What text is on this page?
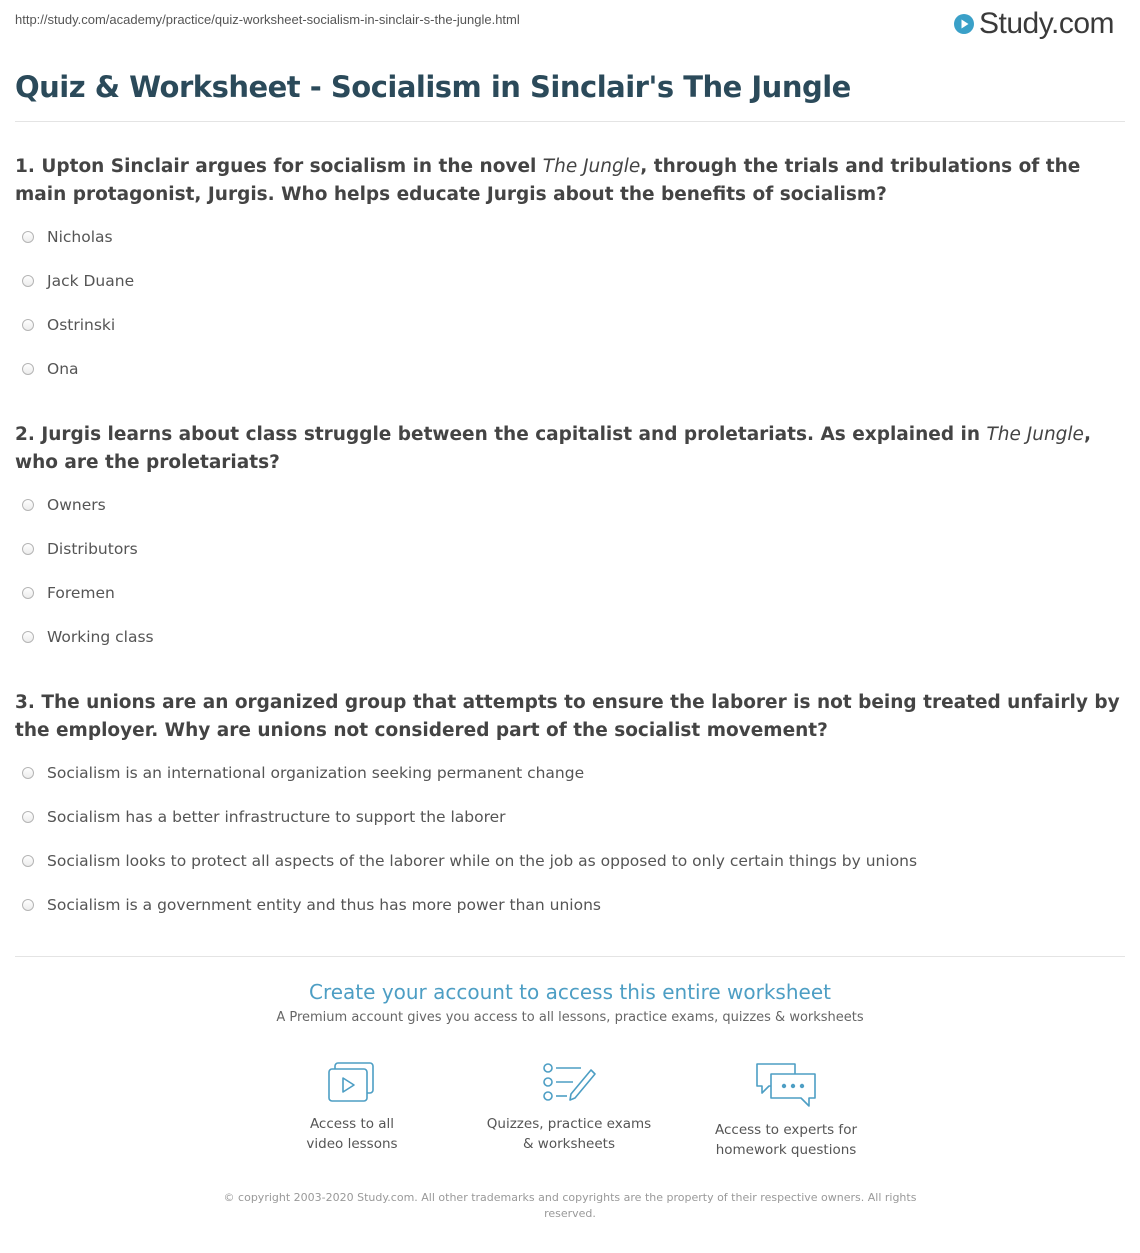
http://study.com/academy/practice/quiz-worksheet-socialism-in-sinclair-s-the-jungle.html	Study.com
Quiz & Worksheet - Socialism in Sinclair's The Jungle
1. Upton Sinclair argues for socialism in the novel The Jungle, through the trials and tribulations of the main protagonist, Jurgis. Who helps educate Jurgis about the benefits of socialism?
Nicholas
Jack Duane
Ostrinski
Ona
2. Jurgis learns about class struggle between the capitalist and proletariats. As explained in The Jungle, who are the proletariats?
Owners
Distributors
Foremen
Working class
3. The unions are an organized group that attempts to ensure the laborer is not being treated unfairly by the employer. Why are unions not considered part of the socialist movement?
Socialism is an international organization seeking permanent change
Socialism has a better infrastructure to support the laborer
Socialism looks to protect all aspects of the laborer while on the job as opposed to only certain things by unions
Socialism is a government entity and thus has more power than unions
Create your account to access this entire worksheet
A Premium account gives you access to all lessons, practice exams, quizzes & worksheets
Access to all
video lessons
Quizzes, practice exams
& worksheets
Access to experts for
homework questions
© copyright 2003-2020 Study.com. All other trademarks and copyrights are the property of their respective owners. All rights reserved.
